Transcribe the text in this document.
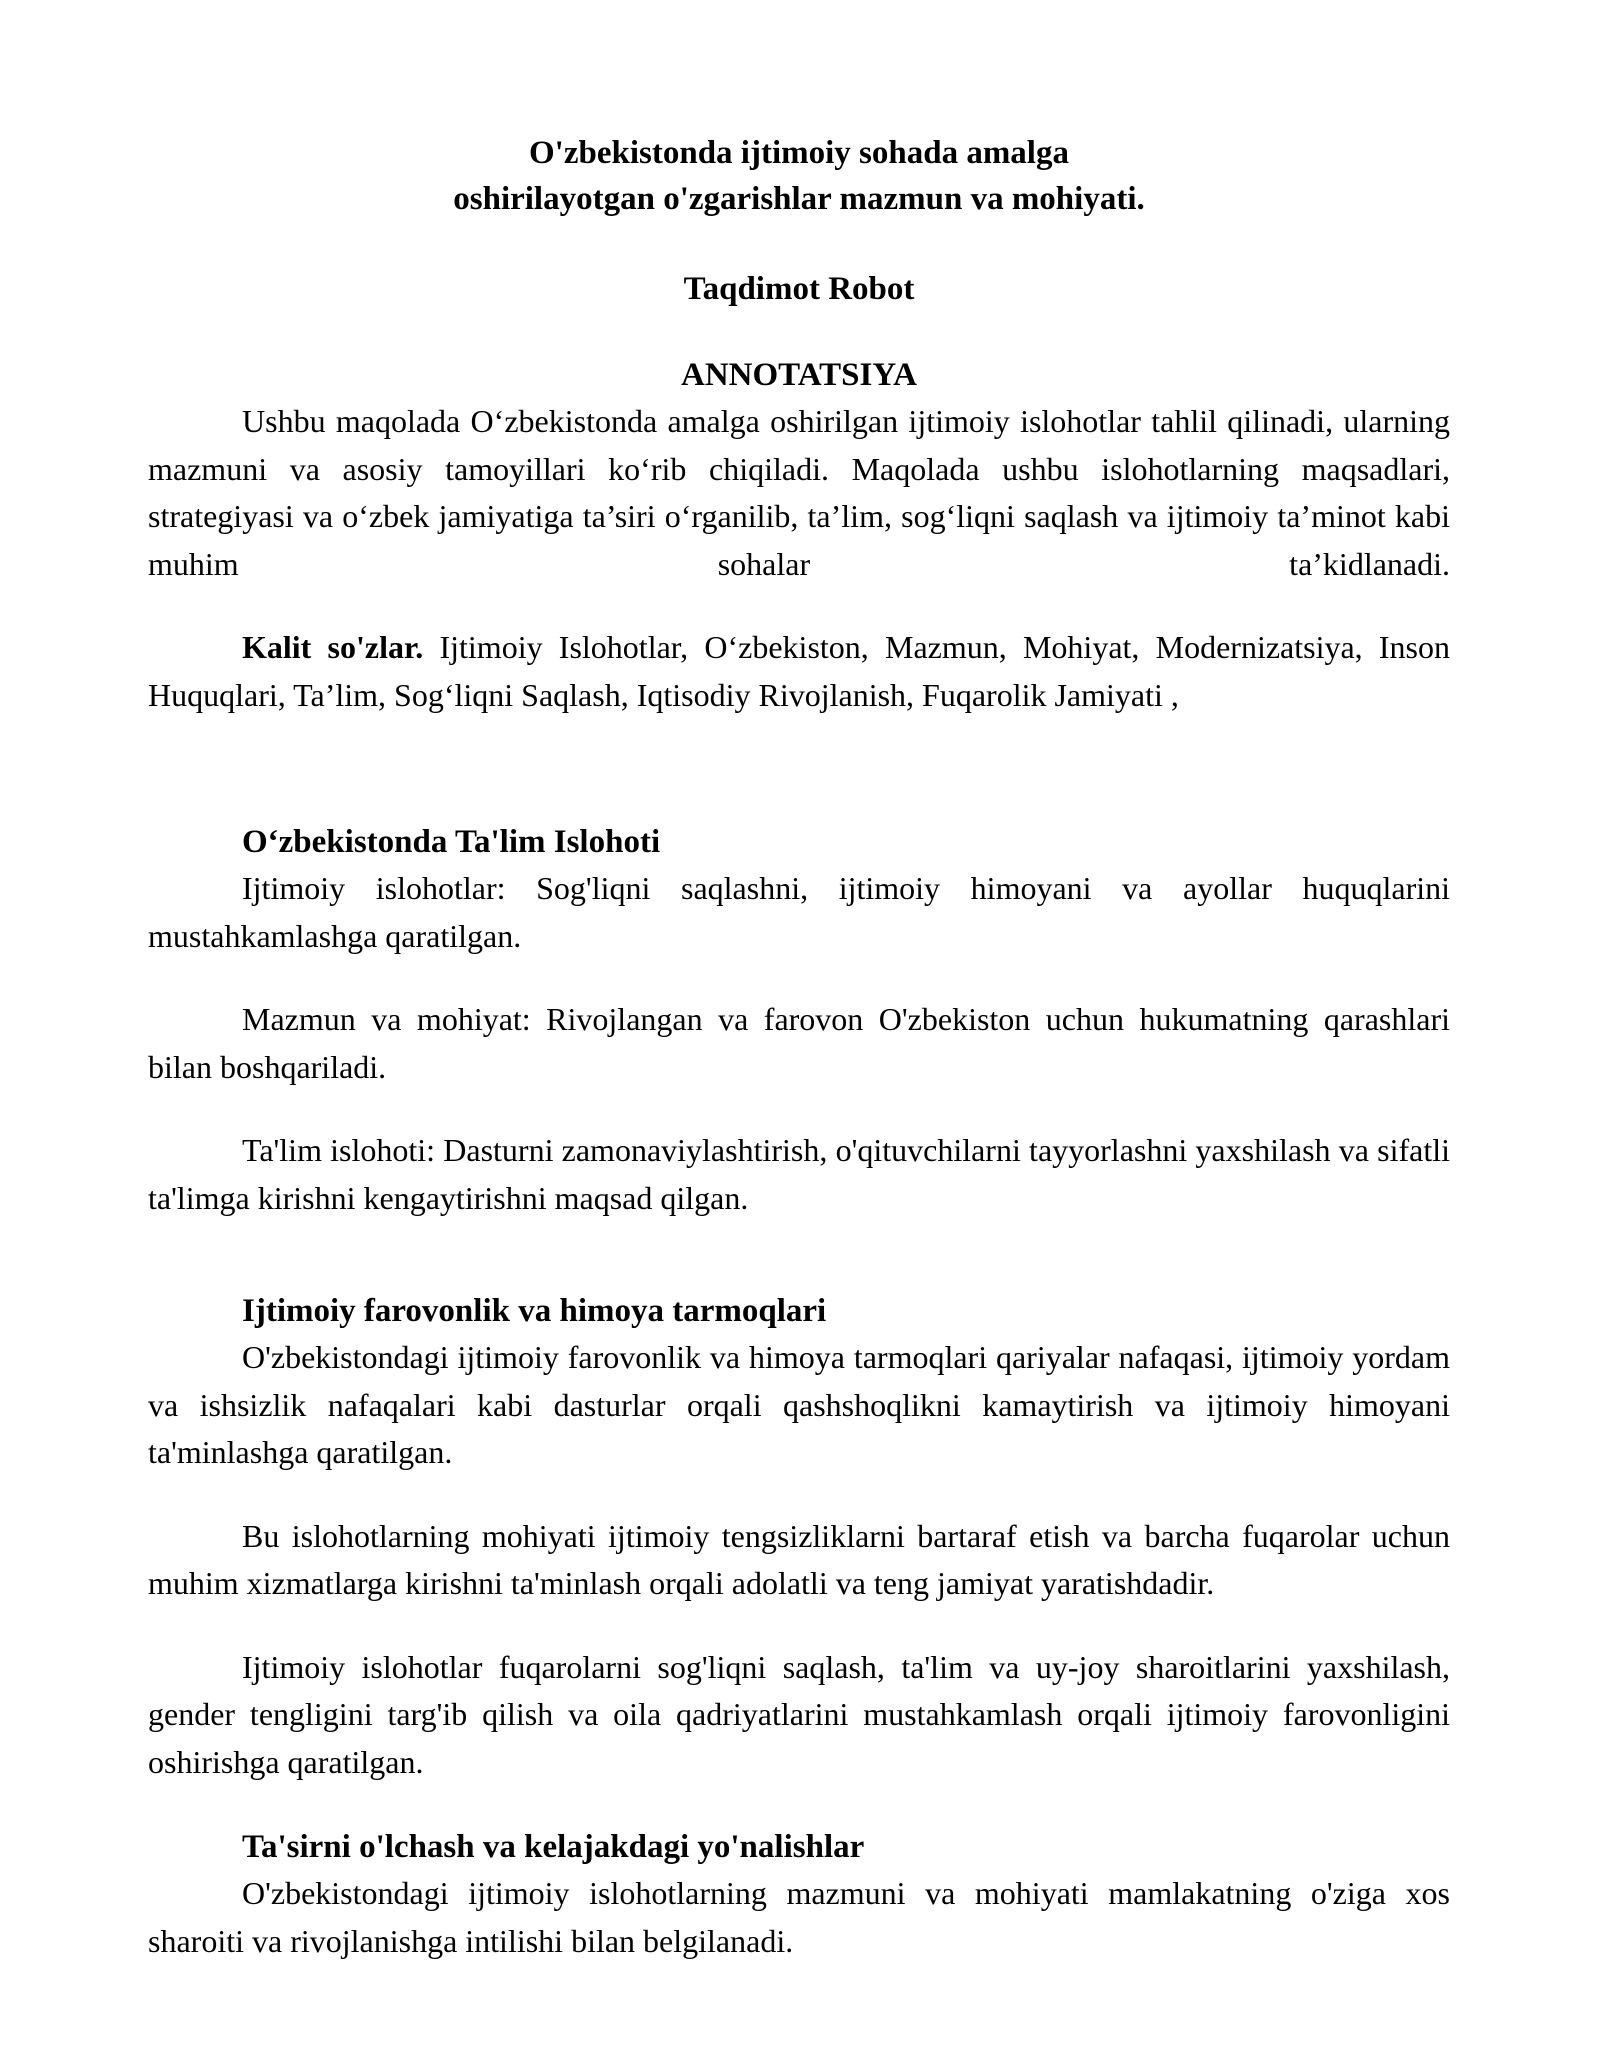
O'zbekistonda ijtimoiy sohada amalga
oshirilayotgan o'zgarishlar mazmun va mohiyati.
Taqdimot Robot
ANNOTATSIYA

Ushbu maqolada O‘zbekistonda amalga oshirilgan ijtimoiy islohotlar tahlil qilinadi, ularning mazmuni va asosiy tamoyillari ko‘rib chiqiladi. Maqolada ushbu islohotlarning maqsadlari, strategiyasi va o‘zbek jamiyatiga ta’siri o‘rganilib, ta’lim, sog‘liqni saqlash va ijtimoiy ta’minot kabi muhim sohalar ta’kidlanadi.

Kalit so'zlar. Ijtimoiy Islohotlar, O‘zbekiston, Mazmun, Mohiyat, Modernizatsiya, Inson Huquqlari, Ta’lim, Sog‘liqni Saqlash, Iqtisodiy Rivojlanish, Fuqarolik Jamiyati ,

O‘zbekistonda Ta'lim Islohoti

Ijtimoiy islohotlar: Sog'liqni saqlashni, ijtimoiy himoyani va ayollar huquqlarini mustahkamlashga qaratilgan.

Mazmun va mohiyat: Rivojlangan va farovon O'zbekiston uchun hukumatning qarashlari bilan boshqariladi.

Ta'lim islohoti: Dasturni zamonaviylashtirish, o'qituvchilarni tayyorlashni yaxshilash va sifatli ta'limga kirishni kengaytirishni maqsad qilgan.

Ijtimoiy farovonlik va himoya tarmoqlari

O'zbekistondagi ijtimoiy farovonlik va himoya tarmoqlari qariyalar nafaqasi, ijtimoiy yordam va ishsizlik nafaqalari kabi dasturlar orqali qashshoqlikni kamaytirish va ijtimoiy himoyani ta'minlashga qaratilgan.

Bu islohotlarning mohiyati ijtimoiy tengsizliklarni bartaraf etish va barcha fuqarolar uchun muhim xizmatlarga kirishni ta'minlash orqali adolatli va teng jamiyat yaratishdadir.

Ijtimoiy islohotlar fuqarolarni sog'liqni saqlash, ta'lim va uy-joy sharoitlarini yaxshilash, gender tengligini targ'ib qilish va oila qadriyatlarini mustahkamlash orqali ijtimoiy farovonligini oshirishga qaratilgan.

Ta'sirni o'lchash va kelajakdagi yo'nalishlar

O'zbekistondagi ijtimoiy islohotlarning mazmuni va mohiyati mamlakatning o'ziga xos sharoiti va rivojlanishga intilishi bilan belgilanadi.
